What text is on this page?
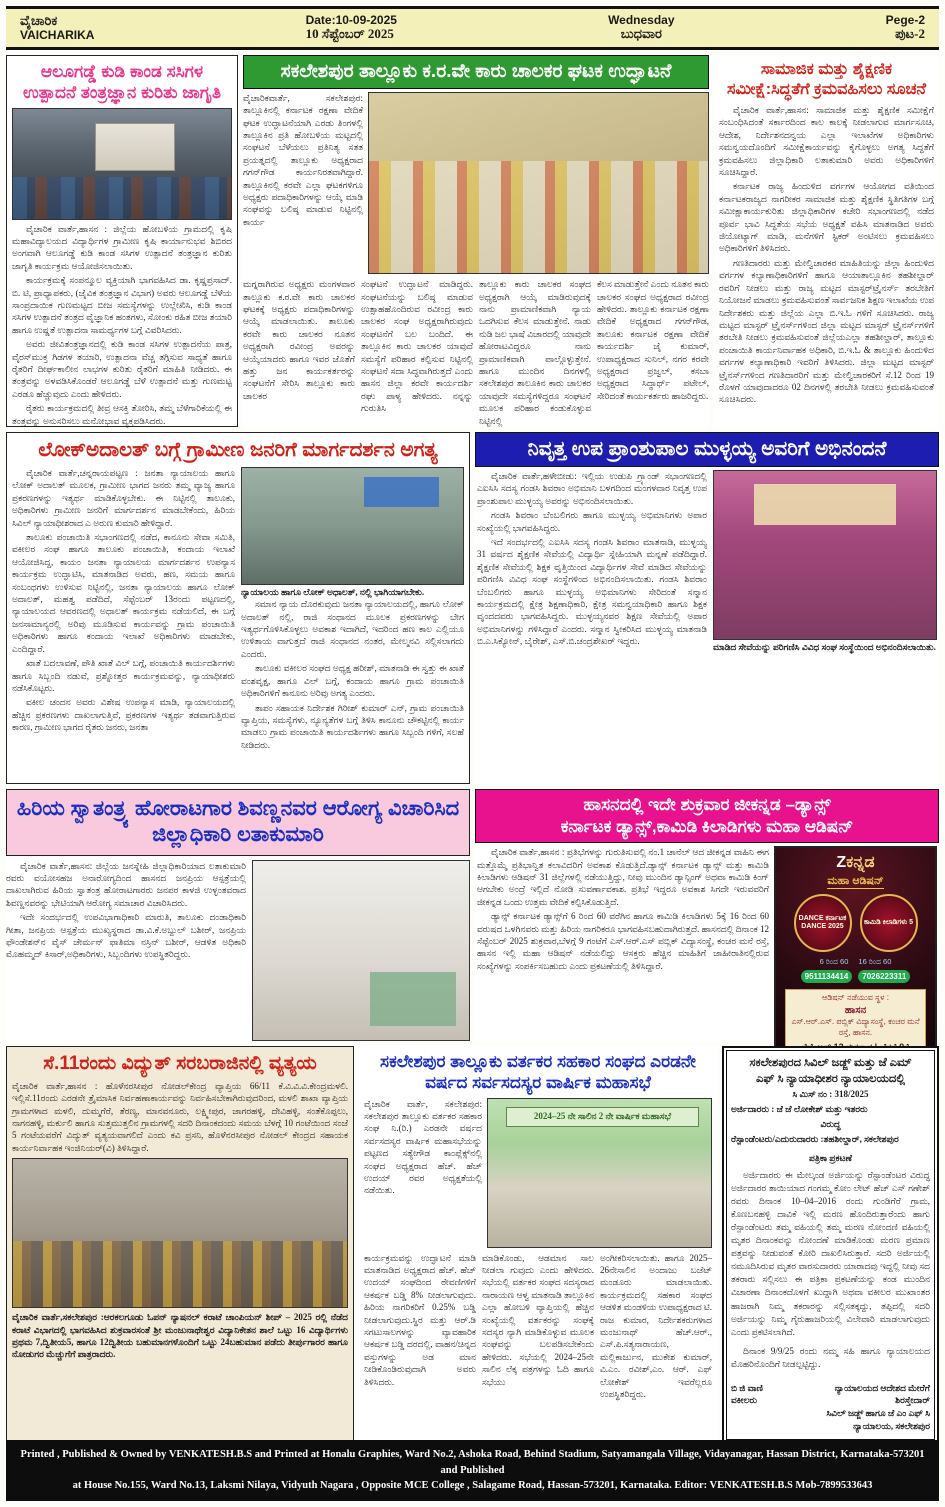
ವೈಚಾರಿಕ
VAICHARIKA
Date:10-09-2025
10 ಸೆಪ್ಟೆಂಬರ್ 2025
Wednesday
ಬುಧವಾರ
Pege-2
ಪುಟ-2
ಆಲೂಗಡ್ಡೆ ಕುಡಿ ಕಾಂಡ ಸಸಿಗಳ ಉತ್ಪಾದನೆ ತಂತ್ರಜ್ಞಾನ ಕುರಿತು ಜಾಗೃತಿ

ವೈಚಾರಿಕ ವಾರ್ತೆ,ಹಾಸನ : ಜಿಲ್ಲೆಯ ಹೋಬಳಿಯ ಗ್ರಾಮದಲ್ಲಿ ಕೃಷಿ ಮಹಾವಿದ್ಯಾಲಯದ ವಿದ್ಯಾರ್ಥಿಗಳ ಗ್ರಾಮೀಣ ಕೃಷಿ ಕಾರ್ಯಾನುಭವ ಶಿಬಿರದ ಅಂಗವಾಗಿ ಆಲೂಗಡ್ಡೆ ಕುಡಿ ಕಾಂಡ ಸಸಿಗಳ ಉತ್ಪಾದನೆ ತಂತ್ರಜ್ಞಾನ ಕುರಿತು ಜಾಗೃತಿ ಕಾರ್ಯಕ್ರಮ ಆಯೋಜಿಸಲಾಯಿತು.

ಕಾರ್ಯಕ್ರಮಕ್ಕೆ ಸಂಪನ್ಮೂಲ ವ್ಯಕ್ತಿಯಾಗಿ ಭಾಗವಹಿಸಿದ ಡಾ. ಕೃಷ್ಣಪ್ರಸಾದ್. ಬಿ. ಟಿ, ಪ್ರಾಧ್ಯಾಪಕರು, (ಜೈವಿಕ ತಂತ್ರಜ್ಞಾನ ವಿಭಾಗ) ಅವರು ಆಲೂಗಡ್ಡೆ ಬೆಳೆಯ ಸಾಂಪ್ರದಾಯಿಕ ಗುಣಮಟ್ಟದ ಬೀಜ ಸಮಸ್ಯೆಗಳನ್ನು ಉಲ್ಲೇಖಿಸಿ, ಕುಡಿ ಕಾಂಡ ಸಸಿಗಳ ಉತ್ಪಾದನೆ ತಂತ್ರದ ವೈಜ್ಞಾನಿಕ ಹಂತಗಳು, ಸೋಂಕು ರಹಿತ ಬೀಜ ತಯಾರಿ ಹಾಗೂ ಉಷ್ಣತೆ ಉತ್ಪಾದನಾ ಸಾಮರ್ಥ್ಯಗಳ ಬಗ್ಗೆ ವಿವರಿಸಿದರು.

ಅವರು ಜೀವಿತಂತ್ರಜ್ಞಾನದಲ್ಲಿ ಕುಡಿ ಕಾಂಡ ಸಸಿಗಳ ಉತ್ಪಾದನೆಯ ಪಾತ್ರ, ವೈರಸ್‌ಮುಕ್ತ ಗಿಡಗಳ ತಯಾರಿ, ಉತ್ಪಾದನಾ ವೆಚ್ಚ ತಗ್ಗಿಸುವ ಸಾಧ್ಯತೆ ಹಾಗೂ ರೈತರಿಗೆ ದೀರ್ಘಕಾಲೀನ ಲಾಭಗಳ ಕುರಿತು ರೈತರಿಗೆ ಮಾಹಿತಿ ನೀಡಿದರು. ಈ ತಂತ್ರವನ್ನು ಅಳವಡಿಸಿಕೊಂಡರೆ ಆಲೂಗಡ್ಡೆ ಬೆಳೆ ಉತ್ಪಾದನೆ ಮತ್ತು ಗುಣಮಟ್ಟ ಎರಡೂ ಹೆಚ್ಚುವುದು ಎಂದು ಹೇಳಿದರು.

ರೈತರು ಕಾರ್ಯಕ್ರಮದಲ್ಲಿ ತೀವ್ರ ಆಸಕ್ತಿ ತೋರಿಸಿ, ತಮ್ಮ ಬೆಳೆಗಾರಿಕೆಯಲ್ಲಿ ಈ ತಂತ್ರವನ್ನು ಅನುಸರಿಸಲು ಮನೋಭಾವ ವ್ಯಕ್ತಪಡಿಸಿದರು.

ಸಕಲೇಶಪುರ ತಾಲ್ಲೂಕು ಕ.ರ.ವೇ ಕಾರು ಚಾಲಕರ ಘಟಕ ಉದ್ಘಾಟನೆ
ವೈಚಾರಿಕವಾರ್ತೆ, ಸಕಲೇಶಪುರ: ತಾಲ್ಲೂಕಿನಲ್ಲಿ ಕರ್ನಾಟಕ ರಕ್ಷಣಾ ವೇದಿಕೆ ಘಟಕ ಉದ್ಘಾಟನೆಯಾಗಿ ಎರಡು ತಿಂಗಳಲ್ಲಿ ತಾಲ್ಲೂಕಿನ ಪ್ರತಿ ಹೋಬಳಿಯ ಮಟ್ಟದಲ್ಲಿ ಸಂಘಟನೆ ಬೆಳೆಯಲು ಪ್ರತಿನಿತ್ಯ ಸತತ ಪ್ರಯತ್ನದಲ್ಲಿ ತಾಲ್ಲೂಕು ಅಧ್ಯಕ್ಷರಾದ ಗಗನ್‌ಗೌಡ ಕಾರ್ಯನಿರತವಾಗಿದ್ದಾರೆ. ತಾಲ್ಲೂಕಿನಲ್ಲಿ ಕರವೇ ಎಲ್ಲಾ ಘಟಕಗಳಿಗೂ ಅಧ್ಯಕ್ಷರು ಪದಾಧಿಕಾರಿಗಳನ್ನು ಆಯ್ಕೆ ಮಾಡಿ ಸಂಘವನ್ನು ಬಲಿಷ್ಠ ಮಾಡುವ ನಿಟ್ಟಿನಲ್ಲಿ ಕಾರ್ಯ
ಮಗ್ನರಾಗಿರುವ ಅಧ್ಯಕ್ಷರು ಮಂಗಳವಾರ ತಾಲ್ಲೂಕು ಕ.ರ.ವೇ ಕಾರು ಚಾಲಕರ ಘಟಕಕ್ಕೆ ಅಧ್ಯಕ್ಷರು ಪದಾಧಿಕಾರಿಗಳನ್ನು ಆಯ್ಕೆ ಮಾಡಲಾಯಿತು. ತಾಲೂಕು ಕರವೇ ಕಾರು ಚಾಲಕರ ನೂತನ ಅಧ್ಯಕ್ಷರಾಗಿ ರವೀಂದ್ರ ಅವರನ್ನು ಆಯ್ಕೆಯಾದರು ಹಾಗೂ ಇವರ ಜೊತೆಗೆ ಹತ್ತು ಜನ ಕಾರ್ಯಕರ್ತರನ್ನು ಸಂಘಟನೆಗೆ ಸೇರಿಸಿ ತಾಲ್ಲೂಕು ಕಾರು ಚಾಲಕರ
ಸಂಘಟನೆ ಉದ್ಘಾಟನೆ ಮಾಡಿದ್ದರು. ಸಂಘಟನೆಯನ್ನು ಬಲಿಷ್ಠ ಮಾಡುವ ಉತ್ಸಾಹಹೊಂದಿರುವ ರವೀಂದ್ರ ಕಾರು ಚಾಲಕರ ಸಂಘ ಅಧ್ಯಕ್ಷರಾಗಿರುವುದು ಸಂಘಟನೆಗೆ ಬಲ ಬಂದಿದೆ. ಈ ತಾಲ್ಲೂಕಿನ ಕಾರು ಚಾಲಕರ ಯಾವುದೆ ಸಮಸ್ಯೆಗೆ ಪರಿಹಾರ ಕಲ್ಪಿಸುವ ನಿಟ್ಟಿನಲ್ಲಿ ಸಂಘಟನೆ ಸದಾ ಸಿದ್ಧವಾಗಿರುತ್ತದೆ ಎಂದು ಹಾಸನ ಜಿಲ್ಲಾ ಕರವೇ ಕಾರ್ಯದರ್ಶಿ ರಘು ಪಾಳ್ಯ ಹೇಳಿದರು. ನನ್ನನ್ನು ಗುರುತಿಸಿ
ತಾಲ್ಲೂಕು ಕಾರು ಚಾಲಕರ ಸಂಘದ ಅಧ್ಯಕ್ಷರಾಗಿ ಆಯ್ಕೆ ಮಾಡಿರುವುದಕ್ಕೆ ನಾನು ಪ್ರಾಮಾಣಿಕವಾಗಿ ನ್ಯಾಯ ಒದಗಿಸುವ ಕೆಲಸ ಮಾಡುತ್ತೇನೆ. ನಾಡು ನುಡಿ ಜಲ ಭಾಷೆ ವಿಚಾರದಲ್ಲಿ ಯಾವುದೇ ಹೋರಾಟವಿದ್ದರೂ ನಾನು ಪ್ರಾಮಾಣಿಕವಾಗಿ ಪಾಲ್ಗೊಳ್ಳುತ್ತೇನೆ. ಹಾಗೂ ಮುಂದಿನ ದಿನಗಳಲ್ಲಿ ಸಕಲೇಶಪುರ ತಾಲೂಕಿನ ಕಾರು ಚಾಲಕರ ಯಾವುದೇ ಸಮಸ್ಯೆಗಳಿದ್ದರೂ ಸಂಘಟನೆ ಮೂಲಕ ಪರಿಹಾರ ಕಂಡುಕೊಳ್ಳುವ ನಿಟ್ಟಿನಲ್ಲಿ
ಕೆಲಸ ಮಾಡುತ್ತೇನೆ ಎಂದು ನೂತನ ಕಾರು ಚಾಲಕರ ಸಂಘದ ಅಧ್ಯಕ್ಷರಾದ ರವೀಂದ್ರ ಹೇಳಿದರು. ತಾಲ್ಲೂಕು ಕರ್ನಾಟಕ ರಕ್ಷಣಾ ವೇದಿಕೆ ಅಧ್ಯಕ್ಷರಾದ ಗಗನ್‌ಗೌಡ, ತಾಲೂಕು ಕರ್ನಾಟಕ ರಕ್ಷಣಾ ವೇದಿಕೆ ಕಾರ್ಯದರ್ಶಿ ಜೈ ಕುಮಾರ್, ಉಪಾಧ್ಯಕ್ಷರಾದ ಸುನಿಲ್, ನಗರ ಕರವೇ ಅಧ್ಯಕ್ಷರಾದ ಪ್ರಜ್ವಲ್, ಕಸಬಾ ಅಧ್ಯಕ್ಷರಾದ ಸಿದ್ಧಾರ್ಥ್ ಪಟೇಲ್, ಸೇರಿದಂತೆ ಕಾರ್ಯಕರ್ತರು ಹಾಜರಿದ್ದರು.
ಸಾಮಾಜಿಕ ಮತ್ತು ಶೈಕ್ಷಣಿಕ ಸಮೀಕ್ಷೆ:ಸಿದ್ಧತೆಗೆ ಕ್ರಮವಹಿಸಲು ಸೂಚನೆ

ವೈಚಾರಿಕ ವಾರ್ತೆ,ಹಾಸನ: ಸಾಮಾಜಿಕ ಮತ್ತು ಶೈಕ್ಷಣಿಕ ಸಮೀಕ್ಷೆಗೆ ಸಂಬಂಧಿಸಿದಂತೆ ಸರ್ಕಾರದಿಂದ ಕಾಲ ಕಾಲಕ್ಕೆ ನೀಡಲಾಗುವ ಮಾರ್ಗಸೂಚಿ, ಆದೇಶ, ನಿರ್ದೇಶನದನ್ವಯ ಎಲ್ಲಾ ಇಲಾಖೆಗಳ ಅಧಿಕಾರಿಗಳು ಸಮನ್ವಯದೊಂದಿಗೆ ಸಮೀಕ್ಷೆಕಾರ್ಯವನ್ನು ಕೈಗೊಳ್ಳಲು ಅಗತ್ಯ ಸಿದ್ಧತೆಗೆ ಕ್ರಮವಹಿಸಲು ಜಿಲ್ಲಾಧಿಕಾರಿ ಲತಾಕುಮಾರಿ ಅವರು ಅಧಿಕಾರಿಗಳಿಗೆ ಸೂಚಿಸಿದ್ದಾರೆ.

ಕರ್ನಾಟಕ ರಾಜ್ಯ ಹಿಂದುಳಿದ ವರ್ಗಗಳ ಆಯೋಗದ ವತಿಯಿಂದ ಕರ್ನಾಟಕರಾಜ್ಯದ ನಾಗರೀಕರ ಸಾಮಾಜಿಕ ಮತ್ತು ಶೈಕ್ಷಣಿಕ ಸ್ಥಿತಿಗತಿಗಳ ಬಗ್ಗೆ ಸಮೀಕ್ಷಾಕಾರ್ಯಕುರಿತು ಜಿಲ್ಲಾಧಿಕಾರಿಗಳ ಕಚೇರಿ ಸಭಾಂಗಣದಲ್ಲಿ ನಡೆದ ಪೂರ್ವ ಭಾವಿ ಸಿದ್ಧತೆಯ ಸಭೆಯ ಅಧ್ಯಕ್ಷತೆ ವಹಿಸಿ ಮಾತನಾಡಿದ ಅವರು ಜಿಯೋಟ್ಯಾಗ್ ಮಾಡಿ, ಮನೆಗಳಿಗೆ ಸ್ಟಿಕರ್ ಅಂಟಿಸಲು ಕ್ರಮವಹಿಸಲು ಅಧಿಕಾರಿಗಳಿಗೆ ತಿಳಿಸಿದರು.

ಗಣತಿದಾರರು ಮತ್ತು ಮೇಲ್ವಿಚಾರಕರ ಮಾಹಿತಿಯನ್ನು ಜಿಲ್ಲಾ ಹಿಂದುಳಿದ ವರ್ಗಗಳ ಕಲ್ಯಾಣಾಧಿಕಾರಿಗಳಿಗೆ ಹಾಗೂ ಆಯಾತಾಲ್ಲೂಕಿನ ತಹಶೀಲ್ದಾರ್ ರವರಿಗೆ ನೀಡಲು ಮತ್ತು ರಾಜ್ಯ ಮಟ್ಟದ ಮಾಸ್ಟರ್‌ಟ್ರೈನರ್ಸ್ ತರಬೇತಿಗೆ ನಿಯೋಜನೆ ಮಾಡಲು ಕ್ರಮವಹಿಸುವಂತೆ ಸಾರ್ವಜನಿಕ ಶಿಕ್ಷಣ ಇಲಾಖೆಯ ಉಪ ನಿರ್ದೇಶಕರು ಮತ್ತು ಜಿಲ್ಲೆಯ ಎಲ್ಲಾ ಬಿ.ಇ.ಓ ಗಳಿಗೆ ಸೂಚಿಸಿದರು. ರಾಜ್ಯ ಮಟ್ಟದ ಮಾಸ್ಟರ್ ಟ್ರೈನರ್ಸ್‌ಗಳಿಂದ ಜಿಲ್ಲಾ ಮಟ್ಟದ ಮಾಸ್ಟರ್ ಟ್ರೈನರ್ಸ್‌ಗಳಿಗೆ ತರಬೇತಿ ನೀಡಲು ಕ್ರಮವಹಿಸುವಂತೆ ಜಿಲ್ಲೆಯಎಲ್ಲಾ ತಹಶೀಲ್ದಾರ್, ತಾಲ್ಲೂಕು ಪಂಚಾಯಿತಿ ಕಾರ್ಯನಿರ್ವಾಹಕ ಅಧಿಕಾರಿ, ಬಿ.ಇ.ಓ & ತಾಲ್ಲೂಕು ಹಿಂದುಳಿದ ವರ್ಗಗಳ ಕಲ್ಯಾಣಾಧಿಕಾರಿ ಇವರಿಗೆ ತಿಳಿಸಿದರು. ಜಿಲ್ಲಾ ಮಟ್ಟದ ಮಾಸ್ಟರ್ ಟ್ರೈನರ್ಸ್‌ಗಳಿಂದ ಗಣತಿದಾರರಿಗೆ ಮತ್ತು ಮೇಲ್ವಿಚಾರಕರಿಗೆ ಸೆ.12 ರಿಂದ 19 ರೊಳಗೆ ಯಾವುದಾದರೂ 02 ದಿನಗಳಲ್ಲಿ ತರಬೇತಿ ನೀಡಲು ಕ್ರಮವಹಿಸುವಂತೆ ಸೂಚಿಸಿದರು.

ಲೋಕ್‌ಅದಾಲತ್ ಬಗ್ಗೆ ಗ್ರಾಮೀಣ ಜನರಿಗೆ ಮಾರ್ಗದರ್ಶನ ಅಗತ್ಯ

ವೈಚಾರಿಕ ವಾರ್ತೆ,ಚನ್ನರಾಯಪಟ್ಟಣ : ಜನತಾ ನ್ಯಾಯಾಲಯ ಹಾಗೂ ಲೋಕ್ ಅದಾಲತ್ ಮೂಲಕ, ಗ್ರಾಮೀಣ ಭಾಗದ ಜನರು ತಮ್ಮ ವ್ಯಾಜ್ಯ ಹಾಗೂ ಪ್ರಕರಣಗಳನ್ನು ಇತ್ಯರ್ಥ ಮಾಡಿಕೊಳ್ಳಬೇಕು. ಈ ನಿಟ್ಟಿನಲ್ಲಿ ತಾಲೂಕು, ಅಧಿಕಾರಿಗಳು ಗ್ರಾಮೀಣ ಜನರಿಗೆ ಮಾರ್ಗದರ್ಶನ ಮಾಡಬೇಕೆಂದು, ಹಿರಿಯ ಸಿವಿಲ್ ನ್ಯಾಯಾಧೀಶರಾದ ಎ ಅರುಣ ಕುಮಾರಿ ಹೇಳಿದ್ದಾರೆ.

ತಾಲೂಕು ಪಂಚಾಯಿತಿ ಸಭಾಂಗಣದಲ್ಲಿ ನಡೆದ, ಕಾನೂನು ಸೇವಾ ಸಮಿತಿ, ವಕೀಲರ ಸಂಘ ಹಾಗೂ ತಾಲೂಕು ಪಂಚಾಯಿತಿ, ಕಂದಾಯ ಇಲಾಖೆ ಆಯೋಜಿಸಿದ್ದ, ಕಾಯಂ ಜನತಾ ನ್ಯಾಯಾಲಯ ಮಾರ್ಗದರ್ಶನ ಉಪನ್ಯಾಸ ಕಾರ್ಯಕ್ರಮ ಉದ್ಘಾಟಿಸಿ, ಮಾತನಾಡಿದ ಅವರು, ಹಣ, ಸಮಯ ಹಾಗೂ ಸಂಬಂಧಗಳು ಉಳಿಸುವ ನಿಟ್ಟಿನಲ್ಲಿ, ಜನತಾ ನ್ಯಾಯಾಲಯ ಹಾಗೂ ಲೋಕ್ ಅದಾಲತ್, ಮಹತ್ವ ಪಡೆದಿದೆ, ಸೆಪ್ಟೆಂಬರ್ 13ರಂದು ಪಟ್ಟಣದಲ್ಲಿ, ನ್ಯಾಯಾಲಯದ ಆವರಣದಲ್ಲಿ ಅಧಾಲತ್ ಕಾರ್ಯಕ್ರಮ ನಡೆಯಲಿದೆ, ಈ ಬಗ್ಗೆ ಜನಸಾಮಾನ್ಯರಲ್ಲಿ ಅರಿವು ಮೂಡಿಸುವ ಕಾರ್ಯವನ್ನು ಗ್ರಾಮ ಪಂಚಾಯಿತಿ ಅಧಿಕಾರಿಗಳು ಹಾಗೂ ಕಂದಾಯ ಇಲಾಖೆ ಅಧಿಕಾರಿಗಳು ಮಾಡಬೇಕು, ಎಂದಿದ್ದಾರೆ.

ಖಾತೆ ಬದಲಾವಣೆ, ಪೌತಿ ಖಾತೆ ವಿಲ್ ಬಗ್ಗೆ, ಪಂಚಾಯಿತಿ ಕಾರ್ಯದರ್ಶಿಗಳು ಹಾಗೂ ಸಿಬ್ಬಂದಿ ನಡುವೆ, ಪ್ರಶ್ನೋತ್ತರ ಕಾರ್ಯಕ್ರಮವನ್ನು, ನ್ಯಾಯಾಧೀಶರು ನಡೆಸಿಕೊಟ್ಟರು.

ವಕೀಲ ಚಂದನ ಅವರು ವಿಶೇಷ ಉಪನ್ಯಾಸ ಮಾಡಿ, ನ್ಯಾಯಾಲಯದಲ್ಲಿ ಹೆಚ್ಚಿನ ಪ್ರಕರಣಗಳು ದಾಖಲಾಗುತ್ತಿವೆ, ಪ್ರಕರಣಗಳ ಇತ್ಯರ್ಥ ತಡವಾಗುತ್ತಿರುವ ಕಾರಣ, ಗ್ರಾಮೀಣ ಭಾಗದ ರೈತರು ಜನರು, ಜನತಾ

ನ್ಯಾಯಾಲಯ ಹಾಗೂ ಲೋಕ್ ಅಧಾಲತ್, ನಲ್ಲಿ ಭಾಗಿಯಾಗಬೇಕು.

ಸಮಾನ ನ್ಯಾಯ ದೊರಕುವುದು ಜನತಾ ನ್ಯಾಯಾಲಯದಲ್ಲಿ, ಹಾಗೂ ಲೋಕ್ ಅದಾಲತ್ ನಲ್ಲಿ, ರಾಜಿ ಸಂಧಾನದ ಮೂಲಕ ಪ್ರಕರಣಗಳನ್ನು ಬೇಗ ಇತ್ಯರ್ಥಗೊಳಿಸಿಕೊಳ್ಳಲು ಅವಕಾಶ ಇದಾಗಿದೆ, ಇದರಿಂದ ಹಣ ಕಾಲ ಎಲ್ಲಿಯೂ ಉಳಿತಾಯ ವಾಗುತ್ತದೆ ರಾಜಿ ಸಂಧಾನದ ನಂತರ, ಮೇಲ್ಮನವಿ ಸಲ್ಲಿಸಲಾಗದು ಎಂದರು.

ತಾಲೂಕು ವಕೀಲರ ಸಂಘದ ಅಧ್ಯಕ್ಷ ಹರೀಶ್, ಮಾತನಾಡಿ ಈ ಸ್ವತ್ತು ಈ ಖಾತೆ ವಂಶವೃಕ್ಷ, ಹಾಗೂ ವಿಲ್ ಬಗ್ಗೆ, ಕಂದಾಯ ಹಾಗೂ ಗ್ರಾಮ ಪಂಚಾಯಿತಿ ಅಧಿಕಾರಿಗಳಿಗೆ ಕಾನೂನು ಅರಿವು ಅಗತ್ಯ ಎಂದರು.

ತಾಪಂ ಸಹಾಯಕ ನಿರ್ದೇಶಕ ಗಿರೀಶ್ ಕುಮಾರ್ ಎನ್, ಗ್ರಾಮ ಪಂಚಾಯಿತಿ ವ್ಯಾಪ್ತಿಯ, ಸಮಸ್ಯೆಗಳು, ನ್ಯೂನ್ಯತೆಗಳ ಬಗ್ಗೆ ತಿಳಿಸಿ ಕಾನೂನು ಚೌಕಟ್ಟಿನಲ್ಲಿ ಕಾರ್ಯ ಮಾಡಲು ಗ್ರಾಮ ಪಂಚಾಯಿತಿ ಕಾರ್ಯದರ್ಶಿಗಳು ಹಾಗೂ ಸಿಬ್ಬಂದಿ ಗಳಿಗೆ, ಸಲಹೆ ನೀಡಿದರು.

ನಿವೃತ್ತ ಉಪ ಪ್ರಾಂಶುಪಾಲ ಮುಳ್ಳಯ್ಯ ಅವರಿಗೆ ಅಭಿನಂದನೆ

ವೈಚಾರಿಕ ವಾರ್ತೆ,ಹಳೇಬೀಡು: ಇಲ್ಲಿಯ ಉಡುಪಿ ಗ್ರ್ಯಾಂಡ್ ಸಭಾಂಗಣದಲ್ಲಿ ಎಐಸಿಸಿ ಸದಸ್ಯ ಗಂಡಸಿ ಶಿವರಾಂ ಅಭಿಮಾನಿ ಬಳಗದಿಂದ ಮಂಗಳವಾರ ನಿವೃತ್ತ ಉಪ ಪ್ರಾಂಶುಪಾಲ ಮುಳ್ಳಯ್ಯ ಅವರನ್ನು ಅಭಿನಂದಿಸಲಾಯಿತು.

ಗಂಡಸಿ ಶಿವರಾಂ ಬೆಂಬಲಿಗರು ಹಾಗೂ ಮುಳ್ಳಯ್ಯ ಅಭಿಮಾನಿಗಳು ಅಪಾರ ಸಂಖ್ಯೆಯಲ್ಲಿ ಭಾಗವಹಿಸಿದ್ದರು.

ಇದೆ ಸಂದರ್ಭದಲ್ಲಿ ಎಐಸಿಸಿ ಸದಸ್ಯ ಗಂಡಸಿ ಶಿವರಾಂ ಮಾತನಾಡಿ, ಮುಳ್ಳಯ್ಯ 31 ವರ್ಷದ ಶೈಕ್ಷಣಿಕ ಸೇವೆಯಲ್ಲಿ ವಿದ್ಯಾರ್ಥಿ ಸ್ನೇಹಿಯಾಗಿ ಮನ್ನಣೆ ಪಡೆದಿದ್ದಾರೆ. ಶೈಕ್ಷಣಿಕ ಸೇವೆಯಲ್ಲಿ ಶಿಕ್ಷಕ ವೃತ್ತಿಯಿಂದ ವಿದ್ಯಾರ್ಥಿಗಳ ಸೇವೆ ಮಾಡಿದ ಸೇವೆಯನ್ನು ಪರಿಗಣಿಸಿ ವಿವಿಧ ಸಂಘ ಸಂಸ್ಥೆಗಳಿಂದ ಅಭಿನಂದಿಸಲಾಯಿತು. ಗಂಡಸಿ ಶಿವರಾಂ ಬೆಂಬಲಿಗರು ಹಾಗೂ ಮುಳ್ಳಯ್ಯ ಅಭಿಮಾನಿಗಳು ಸೇರಿದಂತೆ ಸನ್ಮಾನ ಕಾರ್ಯಕ್ರಮದಲ್ಲಿ ಕ್ಷೇತ್ರ ಶಿಕ್ಷಣಾಧಿಕಾರಿ, ಕ್ಷೇತ್ರ ಸಮನ್ವಯಾಧಿಕಾರಿ ಹಾಗೂ ಶಿಕ್ಷಕ ವೃಂದದವರು ಭಾಗವಹಿಸಿದ್ದರು. ಮುಳ್ಳಯ್ಯನವರ ಶಿಕ್ಷಣ ಸೇವೆಯಲ್ಲಿ ಅಪಾರ ಅಭಿಮಾನಿಗಳನ್ನು ಗಳಿಸಿದ್ದಾರೆ ಎಂದರು. ಸನ್ಮಾನ ಸ್ವೀಕರಿಸಿದ ಮುಳ್ಳಯ್ಯ ಮಾತನಾಡಿ ಬಿ.ಎ.ಸಿಕ್ಯೋನ್, ಬೈರೇಶ್, ಎಸ್.ಬಿ.ಚಂದ್ರಶೇಖರ್ ಇದ್ದರು.

ಮಾಡಿದ ಸೇವೆಯನ್ನು ಪರಿಗಣಿಸಿ ವಿವಿಧ ಸಂಘ ಸಂಸ್ಥೆಯಿಂದ ಅಭಿನಂದಿಸಲಾಯಿತು.
ಹಿರಿಯ ಸ್ವಾತಂತ್ರ್ಯ ಹೋರಾಟಗಾರ ಶಿವಣ್ಣನವರ ಆರೋಗ್ಯ ವಿಚಾರಿಸಿದ ಜಿಲ್ಲಾಧಿಕಾರಿ ಲತಾಕುಮಾರಿ

ವೈಚಾರಿಕ ವಾರ್ತೆ,ಹಾಸನ: ಜಿಲ್ಲೆಯ ಜನಸ್ನೇಹಿ ಜಿಲ್ಲಾಧಿಕಾರಿಯಾದ ಲತಾಕುಮಾರಿ ರವರು ವಯೋಸಹಜ ಅನಾರೋಗ್ಯದಿಂದ ಹಾಸನದ ಜನಪ್ರಿಯ ಆಸ್ಪತ್ರೆಯಲ್ಲಿ ದಾಖಲಾಗಿರುವ ಹಿರಿಯ ಸ್ವಾತಂತ್ರ ಹೋರಾಟಗಾರರು ಜನಪರ ಕಾಳಜಿ ಉಳ್ಳಂತವರಾದ ಶಿವಣ್ಣನವರನ್ನು ಭೇಟಿಯಾಗಿ ಆರೋಗ್ಯ ಸಮಾಚಾರ ವಿಚಾರಿಸಿದರು.

ಇದೇ ಸಂದರ್ಭದಲ್ಲಿ ಉಪವಿಭಾಗಾಧಿಕಾರಿ ಮಾರುತಿ, ತಾಲೂಕು ದಂಡಾಧಿಕಾರಿ ಗೀತಾ, ಜನಪ್ರಿಯ ಆಸ್ಪತ್ರೆಯ ಮುಖ್ಯಸ್ಥರಾದ ಡಾ.ವಿ.ಕೆ.ಅಬ್ದುಲ್ ಬಶೀರ್, ಜನಪ್ರಿಯ ಫೌಂಡೇಶನ್‌ನ ವೈಸ್ ಚೇರ್ಮನ್ ಫಾತಿಮಾ ನಸ್ರಿನ್ ಬಶೀರ್, ಆಡಳಿತ ಅಧಿಕಾರಿ ಮೊಹಮ್ಮದ್ ಕಿಸಾರ್,ಅಧಿಕಾರಿಗಳು, ಸಿಬ್ಬಂದಿಗಳು ಉಪಸ್ಥಿತರಿದ್ದರು.

ಹಾಸನದಲ್ಲಿ ಇದೇ ಶುಕ್ರವಾರ ಜೀಕನ್ನಡ –ಡ್ಯಾನ್ಸ್
ಕರ್ನಾಟಕ ಡ್ಯಾನ್ಸ್,ಕಾಮಿಡಿ ಕಿಲಾಡಿಗಳು ಮಹಾ ಆಡಿಷನ್

ವೈಚಾರಿಕ ವಾರ್ತೆ,ಹಾಸನ : ಪ್ರತಿಭೆಗಳನ್ನು ಗುರುತಿಸುವಲ್ಲಿ ನಂ.1 ಚಾನೆಲ್ ಆದ ಜೀಕನ್ನಡ ವಾಹಿನಿ ಈಗ ಮತ್ತೊಮ್ಮೆ ಪ್ರತಿಭಾನ್ವಿತ ಕಲಾವಿದರಿಗೆ ಅವಕಾಶ ಕೊಡುತ್ತಿದೆ.ಡ್ಯಾನ್ಸ್ ಕರ್ನಾಟಕ ಡ್ಯಾನ್ಸ್ ಮತ್ತು ಕಾಮಿಡಿ ಕಿಲಾಡಿಗಳು ಆಡಿಷನ್ 31 ಜಿಲ್ಲೆಗಳಲ್ಲಿ ನಡೆಯುತ್ತಿದ್ದು, ನೀವು ಮುಂದಿನ ಡ್ಯಾನ್ಸಿಂಗ್ ಅಥವಾ ಕಾಮಿಡಿ ಕಿಂಗ್ ಆಗಬೇಕು ಅಂದ್ರೆ ಇಲ್ಲಿದೆ ನೋಡಿ ಸುವರ್ಣಾವಕಾಶ. ಪ್ರತಿಭೆ ಇದ್ದರೂ ಅವಕಾಶ ಸಿಗದೇ ಇರುವವರಿಗೆ ಜೀಕನ್ನಡ ಒಂದು ಉತ್ತಮ ವೇದಿಕೆ ಕಲ್ಪಿಸಿಕೊಡುತ್ತಿದೆ.

ಡ್ಯಾನ್ಸ್ ಕರ್ನಾಟಕ ಡ್ಯಾನ್ಸ್‌ಗೆ 6 ರಿಂದ 60 ವರೆಗಿನ ಹಾಗೂ ಕಾಮಿಡಿ ಕಿಲಾಡಿಗಳು 5ಕ್ಕೆ 16 ರಿಂದ 60 ವರುಷದ ಒಳಗಿನವರು ಮತ್ತು ಹಿರಿಯ ನಾಗರಿಕರೂ ಭಾಗವಹಿಸಬಹುದಾಗಿರುತ್ತದೆ. ಹಾಸನದಲ್ಲಿ ದಿನಾಂಕ 12 ಸೆಪ್ಟೆಂಬರ್ 2025 ಶುಕ್ರವಾರ,ಬೆಳಗ್ಗೆ 9 ಗಂಟೆಗೆ ಎಸ್.ಆರ್.ಎಸ್ ಪಬ್ಲಿಕ್ ವಿದ್ಯಾಸಂಸ್ಥೆ, ಕಂಚರ ಮನೆ ರಸ್ತೆ, ಹಾಸನ ಇಲ್ಲಿ ಮಹಾ ಆಡಿಷನ್ ನಡೆಯಲಿದ್ದು ಆಸಕ್ತರು ಹೆಚ್ಚಿನ ಮಾಹಿತಿಗೆ ಜಾಹೀರಾತಿನಲ್ಲಿರುವ ಸಂಖ್ಯೆಗಳನ್ನು ಸಂಪರ್ಕಿಸಬಹುದು ಎಂದು ಪ್ರಕಟಣೆಯಲ್ಲಿ ತಿಳಿಸಿದ್ದಾರೆ.

Zಕನ್ನಡ
ಮಹಾ ಆಡಿಷನ್
DANCE ಕರ್ನಾಟಕ DANCE 2025
ಕಾಮಿಡಿ ಕಿಲಾಡಿಗಳು 5
6 ರಿಂದ 60 16 ರಿಂದ 60
9511134414	7026223311
ಆಡಿಷನ್ ನಡೆಯುವ ಸ್ಥಳ :
ಹಾಸನ
ಎಸ್.ಆರ್.ಎಸ್. ಪಬ್ಲಿಕ್ ವಿದ್ಯಾಸಂಸ್ಥೆ, ಕಂಚರ ಮನೆ ರಸ್ತೆ, ಹಾಸನ.
ಸೆ.11ರಂದು ವಿದ್ಯುತ್ ಸರಬರಾಜಿನಲ್ಲಿ ವ್ಯತ್ಯಯ
ವೈಚಾರಿಕ ವಾರ್ತೆ,ಹಾಸನ : ಹೊಳೆನರಸೀಪುರ ನೋಡಲ್‌ಕೇಂದ್ರ ವ್ಯಾಪ್ತಿಯ 66/11 ಕೆ.ವಿ.ವಿ.ವಿ.ಕೇಂದ್ರಮಳಲಿ. ಇಲ್ಲಿಸೆ.11ರಂದು ಎರಡನೇ ತ್ರೈಮಾಸಿಕ ನಿರ್ವಹಣಾಕಾರ್ಯವನ್ನು ನಿರ್ವಹಿಸಬೇಕಾಗಿರುವುದರಿಂದ, ಮಳಲಿ ಶಾಖಾ ವ್ಯಾಪ್ತಿಯ ಗ್ರಾಮಗಳಾದ ಮಳಲಿ, ದುಮ್ಮಗೆರೆ, ತೆರಣ್ಯ, ಮಾನವನೂರು, ಲಕ್ಷ್ಮೀಪುರ, ಜಾಗರಹಳ್ಳಿ, ದೇವಿಹಳ್ಳಿ, ಸಂತೆಕೊಪ್ಪಲು, ನಾಗನಹಳ್ಳಿ, ಮರ್ಕುಲಿ ಹಾಗೂ ಸುತ್ತಮುತ್ತಲಿನ ಗ್ರಾಮಗಳಲ್ಲಿ ಸದರಿ ದಿನಾಂಕದಂದು ಸಮಯ ಬೆಳಗ್ಗೆ 10 ಗಂಟೆಯಿಂದ ಸಂಜೆ 5 ಗಂಟೆಯವರೆಗೆ ವಿದ್ಯುತ್ ವ್ಯತ್ಯಯವಾಗಲಿದೆ ಎಂದು ಕವಿ ಪ್ರಸನಿ, ಹೊಳೆನರಸೀಪುರ ನೋಡಲ್ ಕೇಂದ್ರದ ಸಹಾಯಕ ಕಾರ್ಯನಿರ್ವಾಹಕ ಇಂಜಿನಿಯರ್(ವಿ) ತಿಳಿಸಿದ್ದಾರೆ.
ವೈಚಾರಿಕ ವಾರ್ತೆ,ಸಕಲೇಶಪುರ :ಆರಕಲಗೂಡು ಓಪನ್ ನ್ಯಾಷನಲ್ ಕರಾಟೆ ಚಾಂಪಿಯನ್ ಶೀಪ್ – 2025 ರಲ್ಲಿ ನೆಡೆದ ಕರಾಟೆ ವಿಭಾಗದಲ್ಲಿ ಭಾಗವಹಿಸಿದ ಶುಕ್ರವಾರಸಂತೆ ಶ್ರೀ ಮಂಜುನಾಥೇಶ್ವರ ವಿದ್ಯಾನಿಕೇತನ ಶಾಲೆ ಒಟ್ಟು 16 ವಿದ್ಯಾರ್ಥಿಗಳು ಪ್ರಥಮ 7,ದ್ವಿತೀಯ5, ಹಾಗೂ 12ದ್ವಿತೀಯ ಬಹುಮಾನಗಳೊಂದಿಗೆ ಒಟ್ಟು 24ಬಹುಮಾನ ಪಡೆದು ತೀರ್ಪುಗಾರರ ಹಾಗೂ ನೋಡುಗರ ಮೆಚ್ಚುಗೆಗೆ ಪಾತ್ರರಾದರು.
ಸಕಲೇಶಪುರ ತಾಲ್ಲೂಕು ವರ್ತಕರ ಸಹಕಾರ ಸಂಘದ ಎರಡನೇ ವರ್ಷದ ಸರ್ವಸದಸ್ಯರ ವಾರ್ಷಿಕ ಮಹಾಸಭೆ
ವೈಚಾರಿಕ ವಾರ್ತೆ, ಸಕಲೇಶಪುರ: ಸಕಲೇಶಪುರ ತಾಲ್ಲೂಕು ವರ್ತಕರ ಸಹಕಾರ ಸಂಘ ನಿ.(ರಿ.) ಎರಡನೇ ವರ್ಷದ ಸರ್ವಸದಸ್ಯರ ವಾರ್ಷಿಕ ಮಹಾಸಭೆಯನ್ನು ಪಟ್ಟಣದ ಸತ್ಯೇಗೌಡ ಕಾಂಪ್ಲೆಕ್ಸ್‌ನಲ್ಲಿ ಸಂಘದ ಅಧ್ಯಕ್ಷರಾದ ಹೆಚ್. ಹೆಚ್ ಉದಯ್ ರವರ ಅಧ್ಯಕ್ಷತೆಯಲ್ಲಿ ನಡೆಯಿತು.
2024–25 ನೇ ಸಾಲಿನ 2 ನೇ ವಾರ್ಷಿಕ ಮಹಾಸಭೆ
ಕಾರ್ಯಕ್ರಮವನ್ನು ಉದ್ಘಾಟನೆ ಮಾಡಿ ಮಾತನಾಡಿದ ಅಧ್ಯಕ್ಷರಾದ ಹೆಚ್. ಹೆಚ್ ಉದಯ್ ಸಂಘದಿಂದ ಠೇವಣಿಗಳಿಗೆ ಆಕರ್ಷಕ ಬಡ್ಡಿ 8% ನೀಡಲಾಗುವುದು. ಹಿರಿಯ ನಾಗರಿಕರಿಗೆ 0.25% ಬಡ್ಡಿ ನೀಡಲಾಗುವುದು.ಸ್ಥಿರ ಮತ್ತು ಆರ್.ಡಿ ಸಗಟುಸಾಲಗಳನ್ನು ವ್ಯಾವಹಾರಿಕ ಆಕರ್ಷಕ ಬಡ್ಡಿ ದರದಲ್ಲಿ, ವಾಹನ/ಚಿನ್ನದ ವಸ್ತುಗಳನ್ನು ಅಡ ಮಾನ ನೀಡಿಕೊಂಡಿರುವುದಾಗಿ ಅವರು ತಿಳಿಸಿದರು.
ಮಾಡಿಕೊಂಡು, ಆಡಮಾನ ಸಾಲ ನೀಡಲಾ ಗುವುದು ಎಂದು ಹೇಳಿದರು. ಸಭೆಯಲ್ಲಿ ವರ್ತಕರ ಸಂಘದ ಸದಸ್ಯರಾದ ನಾರಾಯಣ ಆಳ್ವ ಮಾತನಾಡಿ ತಾಲ್ಲೂಕಿನ ಎಲ್ಲಾ ಹೋಬಳಿ ವ್ಯಾಪ್ತಿಯಲ್ಲಿ ಹೆಚ್ಚಿನ ಸಂಖ್ಯೆಯಲ್ಲಿ ವರ್ತಕರನ್ನು ಸಂಘಕ್ಕೆ ಸದಸ್ಯರ ನ್ಯಾಗಿ ಮಾಡಿಕೊಳ್ಳುವ ಮೂಲಕ ಸಂಘವನ್ನು ಬಲಪಡಿಸಬೇಕೆಂದು ಹೇಳಿದರು. ಸಭೆಯಲ್ಲಿ 2024–25ನೇ ಸಾಲಿನ ಲೆಕ್ಕ ಪತ್ರಗಳನ್ನು ಓದಿ ಹಾಗೂ ಸಭೆಯು
ಅಂಗೀಕರಿಸಲಾಯಿತು. ಹಾಗೂ 2025–26ನೇಸಾಲಿನ ಅಂದಾಜು ಬಜೆಟ್ ಮಂಡೂರು ಮಾಡಲಾಯಿತು. ಕಾರ್ಯಕ್ರಮದಲ್ಲಿ ಸಹಕಾರ ಸಂಘದ ಆಡಳಿತ ಮಂಡಳಿಯ ಉಪಾಧ್ಯಕ್ಷರಾದ ಟಿ. ರಾಜ ಕುಮಾರ, ನಿರ್ದೇಶಕರುಗಳಾದ ಮಂಜುನಾಥ್ ಹೆಚ್.ಆರ್., ಎಸ್.ಪಿ.ಸತ್ಯನಾರಾಯಣ, ಮಲ್ಲಿಕಾರ್ಜುನ, ಮುಕೇಶ ಕುಮಾರ್, ವಿ.ಎಂ. ರವೀಶ್,ಎಂ. ಆರ್. ಎಫ್ ಲೋಕೇಶ್ ಇವರೆಲ್ಲರೂ ಉಪಸ್ಥಿತರಿದ್ದರು.
ಸಕಲೇಶಪುರದ ಸಿವಿಲ್ ಜಡ್ಜ್ ಮತ್ತು ಜೆ ಎಮ್
ಎಫ್ ಸಿ ನ್ಯಾಯಾಧೀಶರ ನ್ಯಾಯಾಲಯದಲ್ಲಿ
ಸಿ ಮಿಸ್ ನಂ : 318/2025
ಅರ್ಜಿದಾರರು : ಜೆ ಜೆ ಲೋಕೇಶ್ ಮತ್ತು ಇತರರು
ವಿರುದ್ಧ
ರೆಸ್ಪಾಂಡೆಂಟರು/ಎದುರುದಾರರು :ತಹಶೀಲ್ದಾರ್, ಸಕಲೇಶಪುರ
ಪತ್ರಿಕಾ ಪ್ರಕಟಣೆ

ಅರ್ಜಿದಾರರು ಈ ಮೇಲ್ಕಂಡ ಅರ್ಜಿಯನ್ನು ರೆಸ್ಪಾಂಡೆಂಟರ ವಿರುದ್ಧ ಅರ್ಜಿದಾರರ ತಾಯಿಯಾದ ಗಂಗಮ್ಮ ಕೋಂ ಲೇಟ್ ಹೆಚ್ ಎಸ್ ಗಣೇಶ್ ರವರು ದಿನಾಂಕ 10–04–2016 ರಂದು ಗುಂಡಿಗೆರೆ ಗ್ರಾಮ, ಕೊಣಬನಹಳ್ಳಿ ದಾವಿಕೆ ಇಲ್ಲಿ ಮರಣ ಹೊಂದಿರುತ್ತಾರೆಂದು ಹಾಗು ರೆಸ್ಪಾಂಡೆಂಟರು ತಮ್ಮ ವಹಿಯಲ್ಲಿ ತಮ್ಮ ಮರಣ ನೋಂದಣಿ ವಹಿಯಲ್ಲಿ ಮೃತರ ದಿನಾಂಕವನ್ನು ನೋಂದಣೆ ಮಾಡಿಕೊಂಡು ಮರಣ ಪ್ರಮಾಣ ಪತ್ರವನ್ನು ನೀಡುವಂತೆ ಕೋರಿ ದಾಖಲಿಸಿರುತ್ತಾರೆ. ಸದರಿ ಅರ್ಜಿಯಲ್ಲಿ ನಮೂದಿಸಿರುವ ಮೃತರ ವಾರಸುದಾರರು ಯಾರಾದವು ಇದ್ದಲ್ಲಿ ನೀವು ಸದ ತಕರಾರು ಸಲ್ಲಿಸಲು ಈ ಪತ್ರಿಕಾ ಪ್ರಕಟಣೆಯನ್ನು ಕಂಡ ಮುಂದಿನ ವಿಚಾರಣಾ ದಿನಾಂಕದೊಳಗೆ ಖುದ್ದಾಗಿ ಅಥವಾ ವಕೀಲರ ಮುಖಾಂತರ ಹಾಜರಾಗಿ ನಿಮ್ಮ ತಕರಾರನ್ನು ಸಲ್ಲಿಸತಕ್ಕದ್ದು, ತಪ್ಪಿದಲ್ಲಿ ಸದರಿ ಅರ್ಜಿಯನ್ನು ನಿಮ್ಮ ಗೈರುಹಾಜರಿಯಲ್ಲಿ ವಿಲೇವಾರಿ ಮಾಡಲಾಗುವುದು ಎಂದು ಪ್ರಕಟಿಸಲಾಗಿದೆ.

ದಿನಾಂಕ 9/9/25 ರಂದು ನಮ್ಮ ಸಹಿ ಹಾಗೂ ನ್ಯಾಯಾಲಯದ ಮೊಹರಿನೊಂದಿಗೆ ನೀಡಲ್ಪಟ್ಟಿದ್ದು.

ಬಿ ಜಿ ವಾಣಿ
ವಕೀಲರು
ನ್ಯಾಯಾಲಯದ ಆದೇಶದ ಮೇರೆಗೆ
ಶಿರಸ್ತೇದಾರ್
ಸಿವಿಲ್ ಜಡ್ಜ್ ಹಾಗೂ ಜೆ ಎಂ ಎಫ್ ಸಿ
ನ್ಯಾಯಾಲಯ, ಸಕಲೇಶಪುರ
Printed , Published & Owned by VENKATESH.B.S and Printed at Honalu Graphies, Ward No.2, Ashoka Road, Behind Stadium, Satyamangala Village, Vidayanagar, Hassan District, Karnataka-573201 and Published
at House No.155, Ward No.13, Laksmi Nilaya, Vidyuth Nagara , Opposite MCE College , Salagame Road, Hassan-573201, Karnataka. Editor: VENKATESH.B.S Mob-7899533643
